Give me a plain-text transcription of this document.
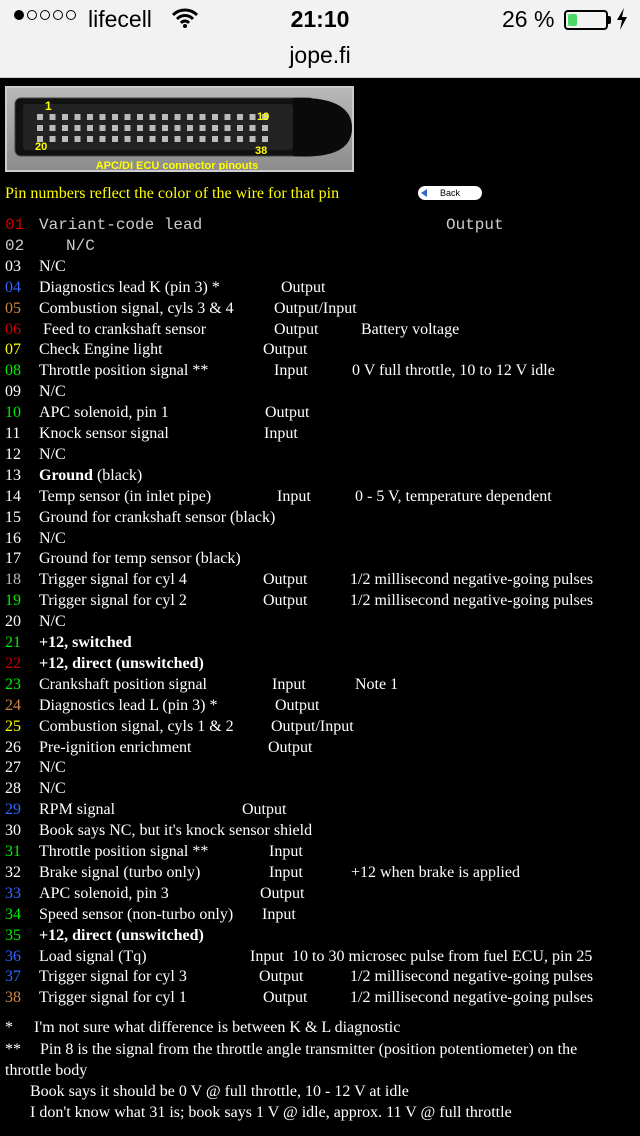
lifecell	21:10	26 %
jope.fi
1
19
20	38
APC/DI ECU connector pinouts
Pin numbers reflect the color of the wire for that pin	Back
01 Variant-code lead	Output
02	N/C
03 N/C
04 Diagnostics lead K (pin 3) *	Output
05 Combustion signal, cyls 3 & 4	Output/Input
06 Feed to crankshaft sensor	Output	Battery voltage
07 Check Engine light	Output
08 Throttle position signal **	Input	0 V full throttle, 10 to 12 V idle
09 N/C
10 APC solenoid, pin 1	Output
11 Knock sensor signal	Input
12 N/C
13 Ground (black)
14 Temp sensor (in inlet pipe)	Input	0 - 5 V, temperature dependent
15 Ground for crankshaft sensor (black)
16 N/C
17 Ground for temp sensor (black)
18 Trigger signal for cyl 4	Output	1/2 millisecond negative-going pulses
19 Trigger signal for cyl 2	Output	1/2 millisecond negative-going pulses
20 N/C
21 +12, switched
22 +12, direct (unswitched)
23 Crankshaft position signal	Input	Note 1
24 Diagnostics lead L (pin 3) *	Output
25 Combustion signal, cyls 1 & 2 Output/Input
26 Pre-ignition enrichment	Output
27 N/C
28 N/C
29 RPM signal	Output
30 Book says NC, but it's knock sensor shield
31 Throttle position signal **	Input
32 Brake signal (turbo only)	Input	+12 when brake is applied
33 APC solenoid, pin 3	Output
34 Speed sensor (non-turbo only) Input
35 +12, direct (unswitched)
36 Load signal (Tq)	Input 10 to 30 microsec pulse from fuel ECU, pin 25
37 Trigger signal for cyl 3	Output	1/2 millisecond negative-going pulses
38 Trigger signal for cyl 1	Output	1/2 millisecond negative-going pulses
* I'm not sure what difference is between K & L diagnostic
** Pin 8 is the signal from the throttle angle transmitter (position potentiometer) on the
throttle body
Book says it should be 0 V @ full throttle, 10 - 12 V at idle
I don't know what 31 is; book says 1 V @ idle, approx. 11 V @ full throttle
